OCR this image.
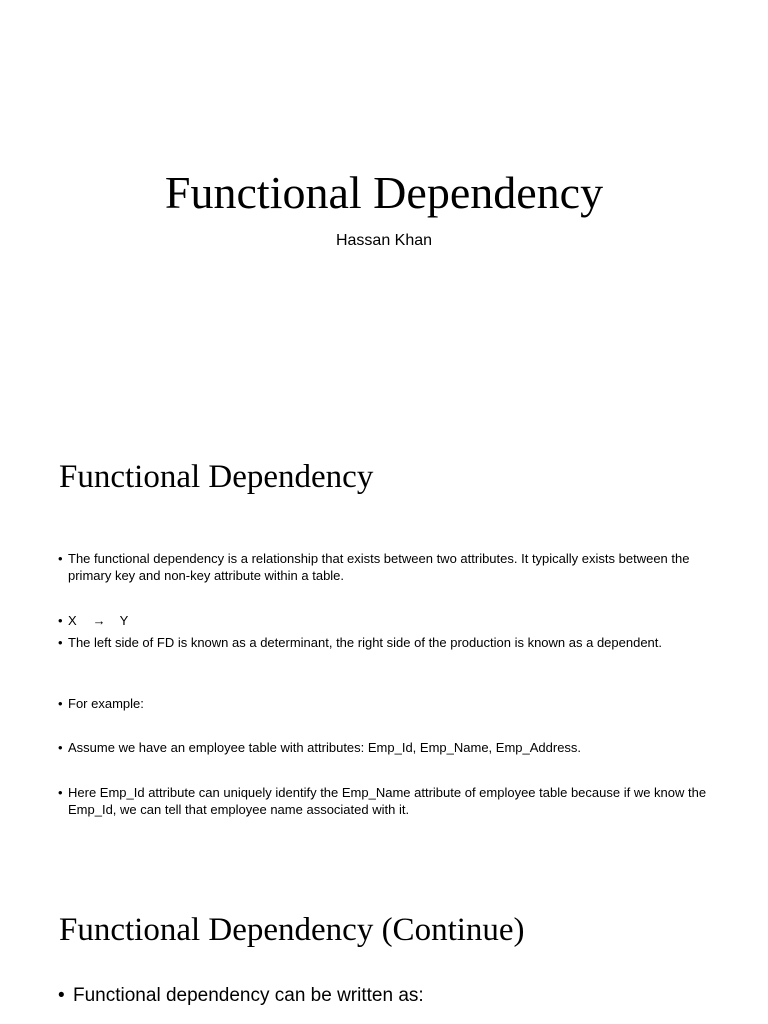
Functional Dependency
Hassan Khan
Functional Dependency
• The functional dependency is a relationship that exists between two attributes. It typically exists between the primary key and non-key attribute within a table.
• X → Y
• The left side of FD is known as a determinant, the right side of the production is known as a dependent.
• For example:
• Assume we have an employee table with attributes: Emp_Id, Emp_Name, Emp_Address.
• Here Emp_Id attribute can uniquely identify the Emp_Name attribute of employee table because if we know the Emp_Id, we can tell that employee name associated with it.
Functional Dependency (Continue)
• Functional dependency can be written as:
